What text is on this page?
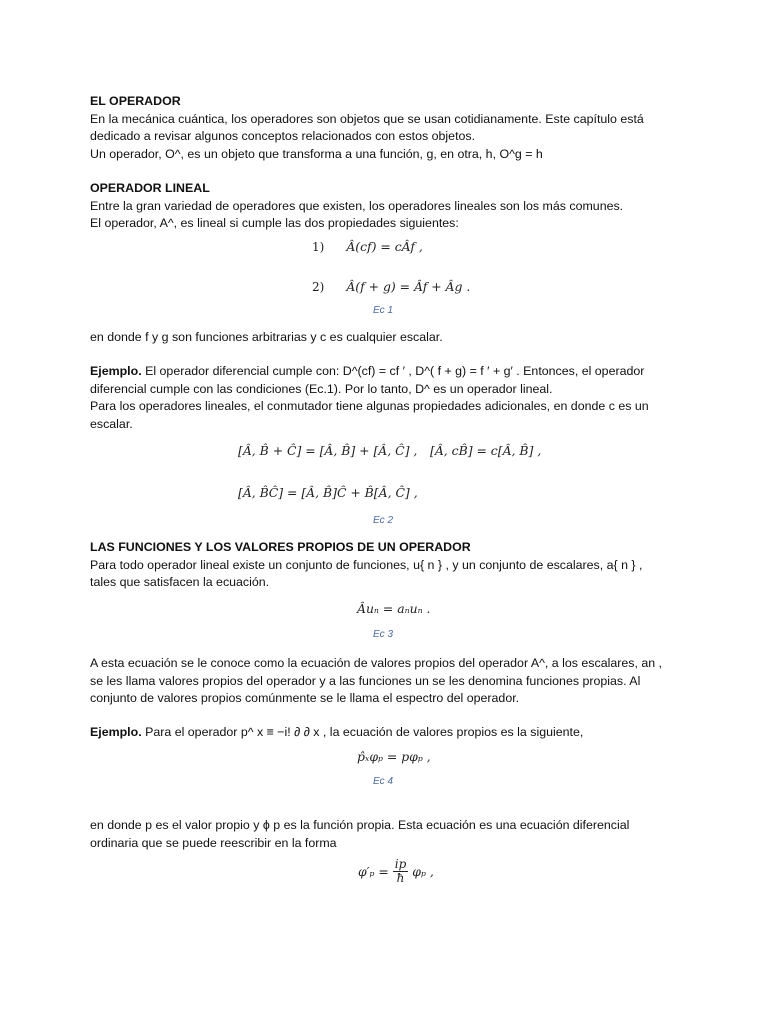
EL OPERADOR

En la mecánica cuántica, los operadores son objetos que se usan cotidianamente. Este capítulo está

dedicado a revisar algunos conceptos relacionados con estos objetos.

Un operador, O^, es un objeto que transforma a una función, g, en otra, h, O^g = h

OPERADOR LINEAL

Entre la gran variedad de operadores que existen, los operadores lineales son los más comunes.

El operador, A^, es lineal si cumple las dos propiedades siguientes:

1) Â(cf) = cÂf ,
2) Â(f + g) = Âf + Âg .
Ec 1

en donde f y g son funciones arbitrarias y c es cualquier escalar.

Ejemplo. El operador diferencial cumple con: D^(cf) = cf ′ , D^( f + g) = f ′ + g′ . Entonces, el operador

diferencial cumple con las condiciones (Ec.1). Por lo tanto, D^ es un operador lineal.

Para los operadores lineales, el conmutador tiene algunas propiedades adicionales, en donde c es un

escalar.

[Â, B̂ + Ĉ] = [Â, B̂] + [Â, Ĉ] , [Â, cB̂] = c[Â, B̂] ,
[Â, B̂Ĉ] = [Â, B̂]Ĉ + B̂[Â, Ĉ] ,
Ec 2

LAS FUNCIONES Y LOS VALORES PROPIOS DE UN OPERADOR

Para todo operador lineal existe un conjunto de funciones, u{ n } , y un conjunto de escalares, a{ n } ,

tales que satisfacen la ecuación.

Âuₙ = aₙuₙ .
Ec 3

A esta ecuación se le conoce como la ecuación de valores propios del operador A^, a los escalares, an ,

se les llama valores propios del operador y a las funciones un se les denomina funciones propias. Al

conjunto de valores propios comúnmente se le llama el espectro del operador.

Ejemplo. Para el operador p^ x ≡ −i! ∂ ∂ x , la ecuación de valores propios es la siguiente,

p̂ₓφₚ = pφₚ ,
Ec 4

en donde p es el valor propio y ϕ p es la función propia. Esta ecuación es una ecuación diferencial

ordinaria que se puede reescribir en la forma

$\varphi'_p = \frac{ip}{ħ}$ φₚ ,
